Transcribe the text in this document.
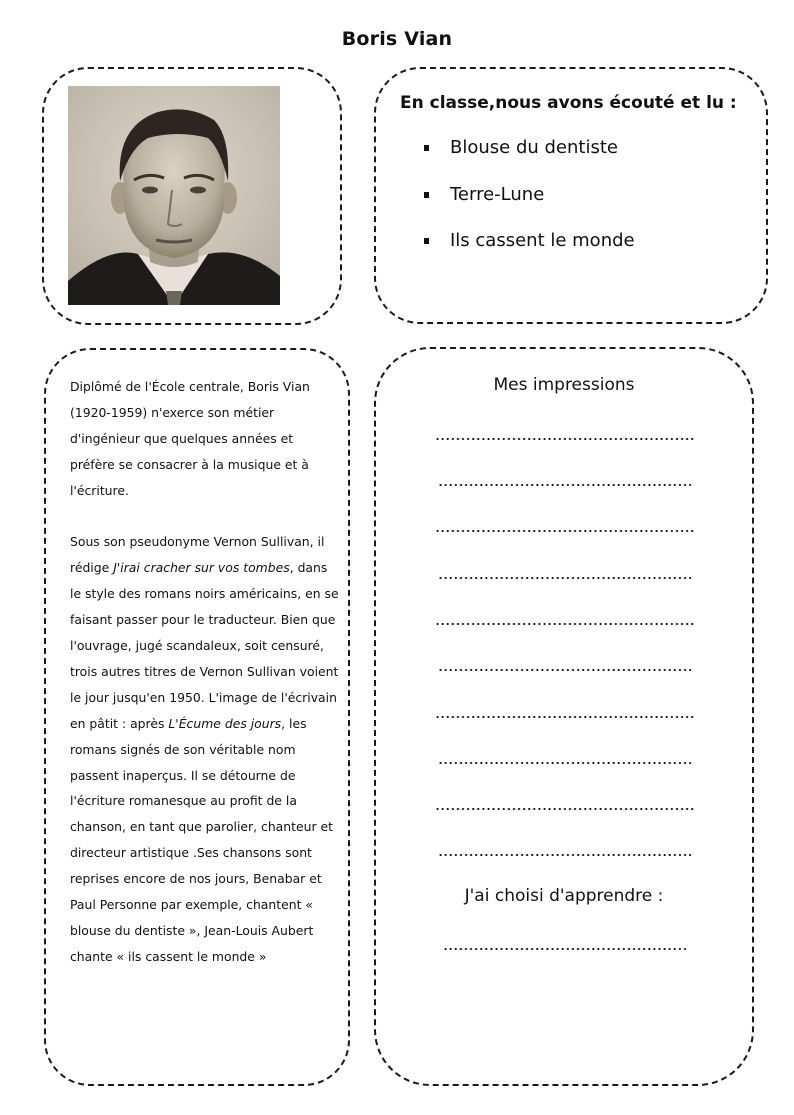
Boris Vian
En classe,nous avons écouté et lu :
Blouse du dentiste
Terre-Lune
Ils cassent le monde

Diplômé de l'École centrale, Boris Vian (1920-1959) n'exerce son métier d'ingénieur que quelques années et préfère se consacrer à la musique et à l'écriture.

Sous son pseudonyme Vernon Sullivan, il rédige J'irai cracher sur vos tombes, dans le style des romans noirs américains, en se faisant passer pour le traducteur. Bien que l'ouvrage, jugé scandaleux, soit censuré, trois autres titres de Vernon Sullivan voient le jour jusqu'en 1950. L'image de l'écrivain en pâtit : après L'Écume des jours, les romans signés de son véritable nom passent inaperçus. Il se détourne de l'écriture romanesque au profit de la chanson, en tant que parolier, chanteur et directeur artistique .Ses chansons sont reprises encore de nos jours, Benabar et Paul Personne par exemple, chantent « blouse du dentiste », Jean-Louis Aubert chante « ils cassent le monde »

Mes impressions
J'ai choisi d'apprendre :
